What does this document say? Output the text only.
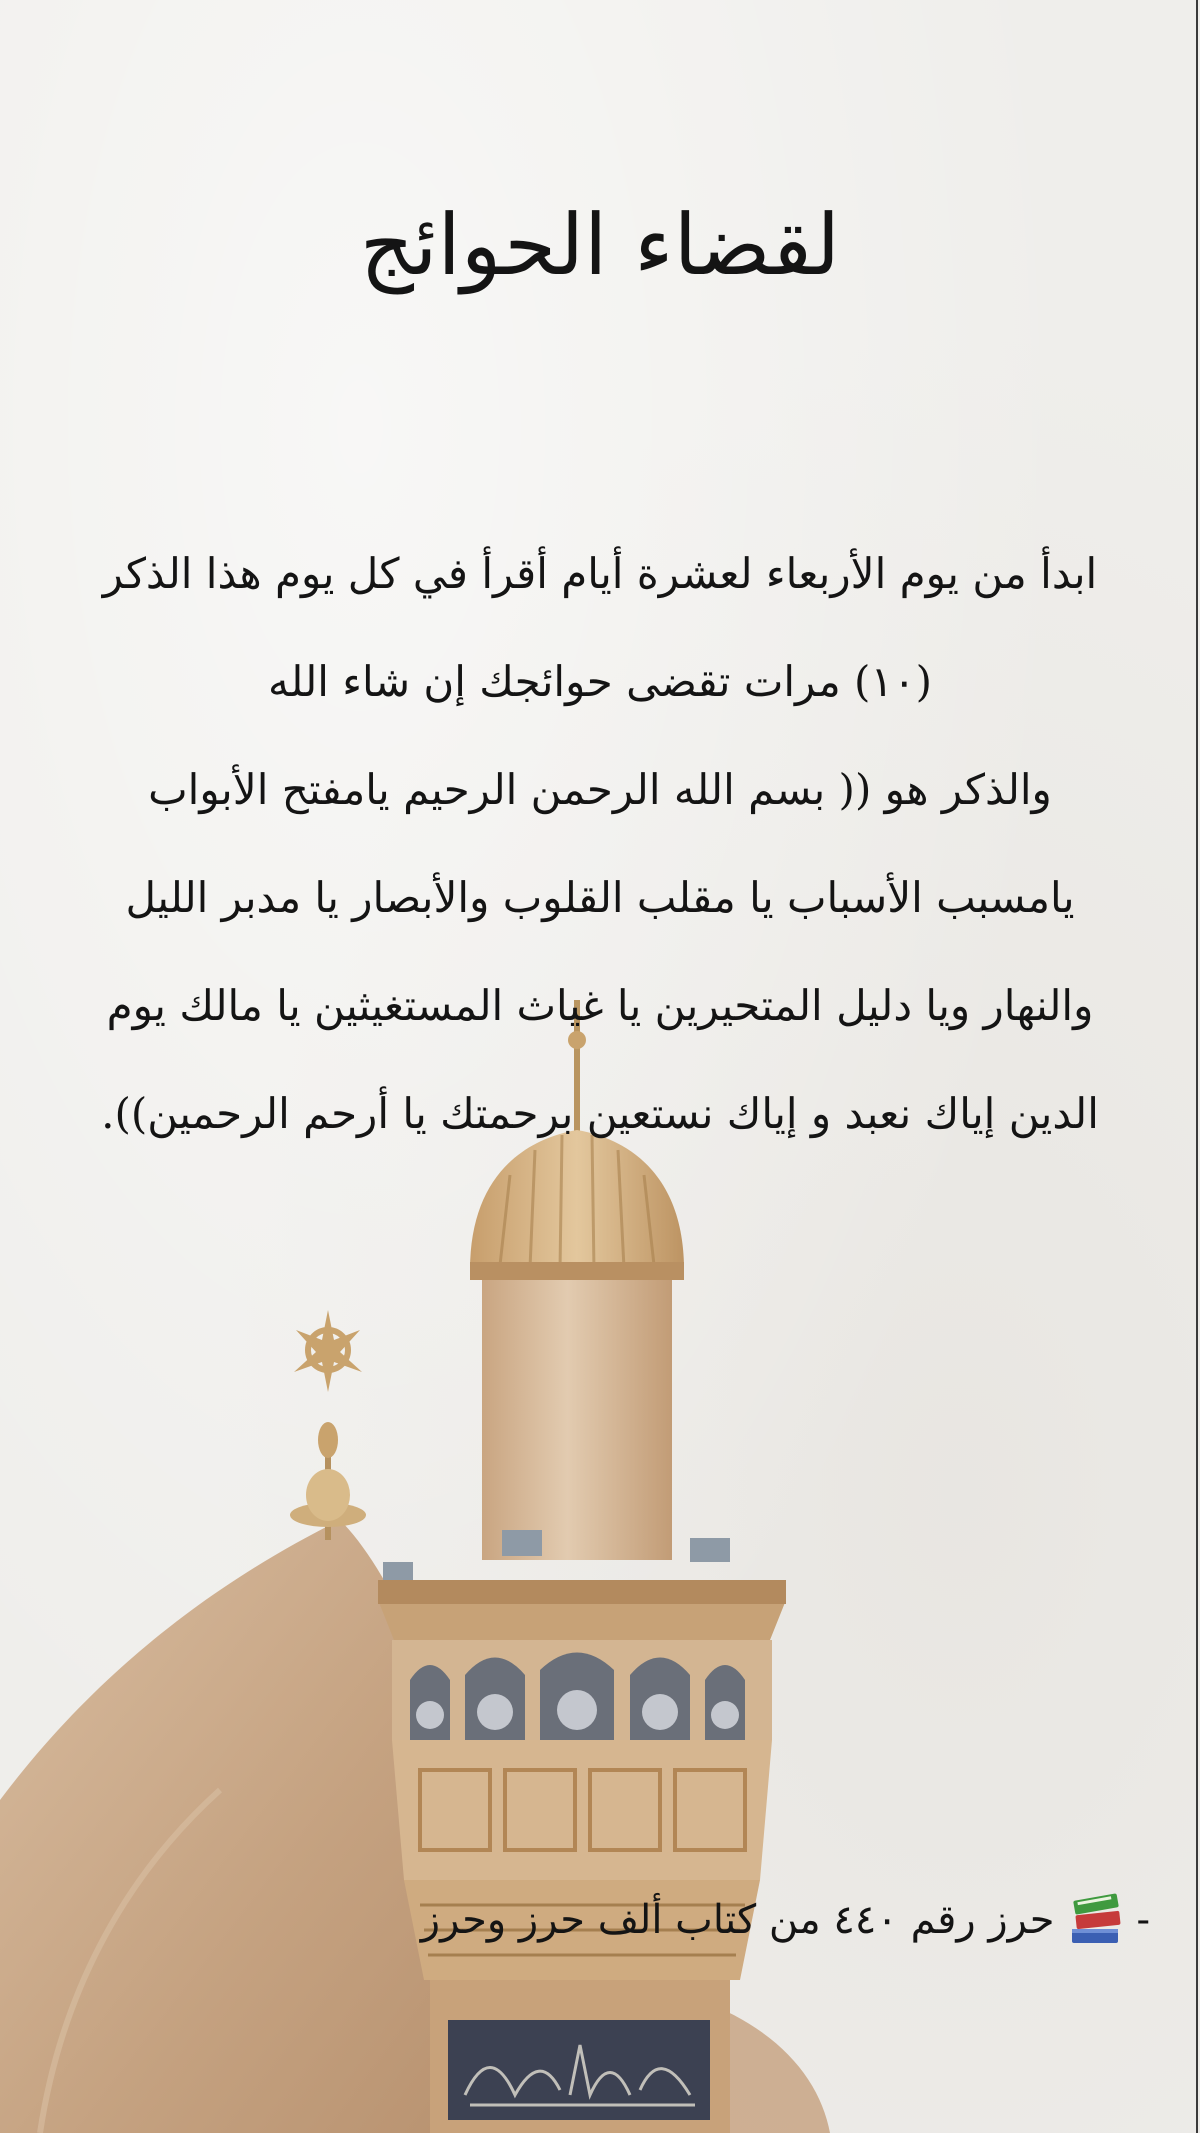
لقضاء الحوائج

ابدأ من يوم الأربعاء لعشرة أيام أقرأ في كل يوم هذا الذكر (١٠) مرات تقضى حوائجك إن شاء الله

والذكر هو (( بسم الله الرحمن الرحيم يامفتح الأبواب يامسبب الأسباب يا مقلب القلوب والأبصار يا مدبر الليل والنهار ويا دليل المتحيرين يا غياث المستغيثين يا مالك يوم الدين إياك نعبد و إياك نستعين برحمتك يا أرحم الرحمين)).

-
حرز رقم ٤٤٠ من كتاب ألف حرز وحرز
